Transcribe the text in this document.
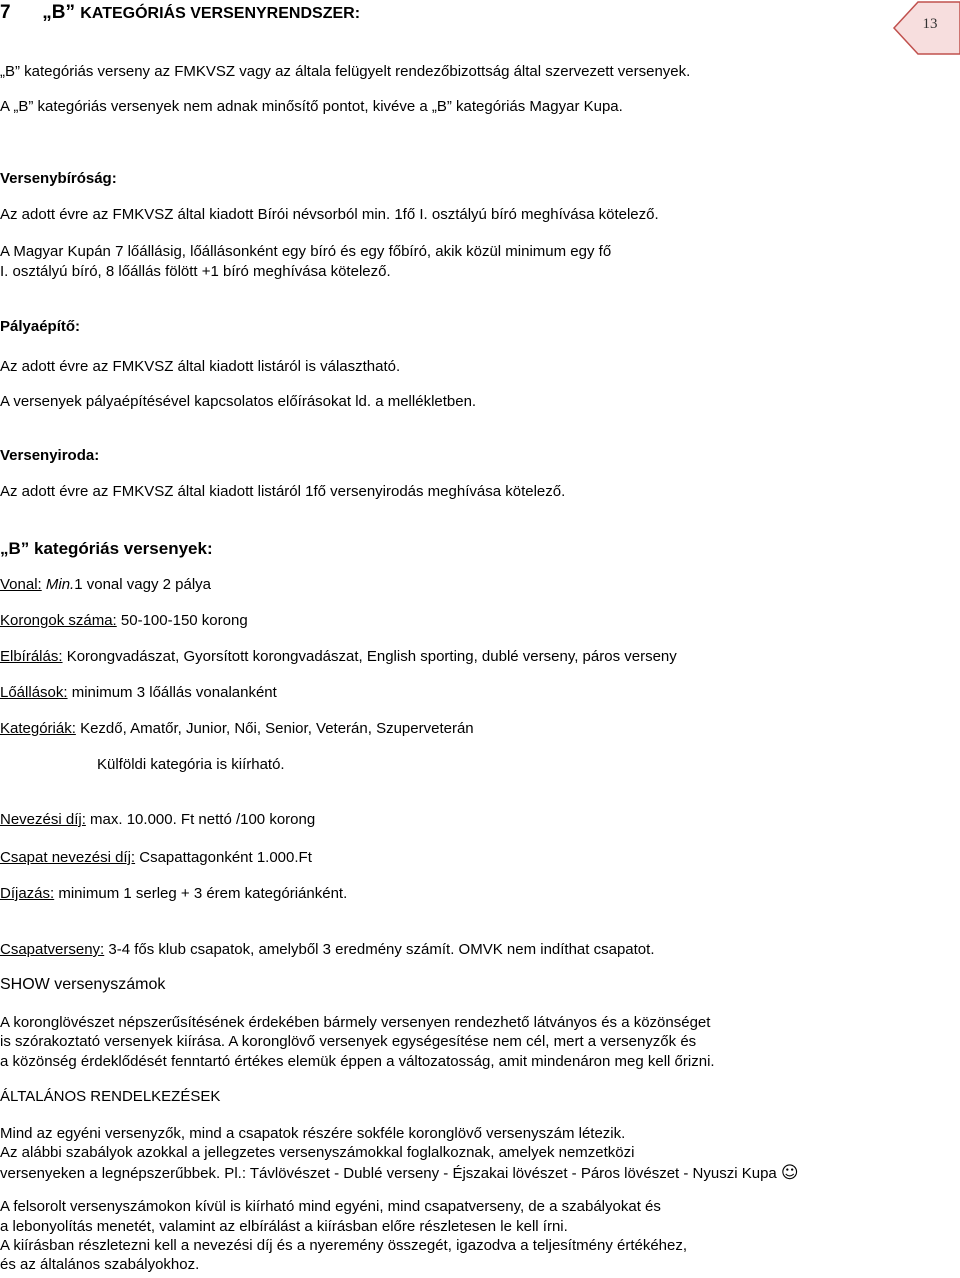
7 „B” KATEGÓRIÁS VERSENYRENDSZER:
13
„B” kategóriás verseny az FMKVSZ vagy az általa felügyelt rendezőbizottság által szervezett versenyek.
A „B” kategóriás versenyek nem adnak minősítő pontot, kivéve a „B” kategóriás Magyar Kupa.
Versenybíróság:
Az adott évre az FMKVSZ által kiadott Bírói névsorból min. 1fő I. osztályú bíró meghívása kötelező.
A Magyar Kupán 7 lőállásig, lőállásonként egy bíró és egy főbíró, akik közül minimum egy fő
I. osztályú bíró, 8 lőállás fölött +1 bíró meghívása kötelező.
Pályaépítő:
Az adott évre az FMKVSZ által kiadott listáról is választható.
A versenyek pályaépítésével kapcsolatos előírásokat ld. a mellékletben.
Versenyiroda:
Az adott évre az FMKVSZ által kiadott listáról 1fő versenyirodás meghívása kötelező.
„B” kategóriás versenyek:
Vonal: Min.1 vonal vagy 2 pálya
Korongok száma: 50-100-150 korong
Elbírálás: Korongvadászat, Gyorsított korongvadászat, English sporting, dublé verseny, páros verseny
Lőállások: minimum 3 lőállás vonalanként
Kategóriák: Kezdő, Amatőr, Junior, Női, Senior, Veterán, Szuperveterán
Külföldi kategória is kiírható.
Nevezési díj: max. 10.000. Ft nettó /100 korong
Csapat nevezési díj: Csapattagonként 1.000.Ft
Díjazás: minimum 1 serleg + 3 érem kategóriánként.
Csapatverseny: 3-4 fős klub csapatok, amelyből 3 eredmény számít. OMVK nem indíthat csapatot.
SHOW versenyszámok
A koronglövészet népszerűsítésének érdekében bármely versenyen rendezhető látványos és a közönséget
is szórakoztató versenyek kiírása. A koronglövő versenyek egységesítése nem cél, mert a versenyzők és
a közönség érdeklődését fenntartó értékes elemük éppen a változatosság, amit mindenáron meg kell őrizni.
ÁLTALÁNOS RENDELKEZÉSEK
Mind az egyéni versenyzők, mind a csapatok részére sokféle koronglövő versenyszám létezik.
Az alábbi szabályok azokkal a jellegzetes versenyszámokkal foglalkoznak, amelyek nemzetközi
versenyeken a legnépszerűbbek. Pl.: Távlövészet - Dublé verseny - Éjszakai lövészet - Páros lövészet - Nyuszi Kupa ☺
A felsorolt versenyszámokon kívül is kiírható mind egyéni, mind csapatverseny, de a szabályokat és
a lebonyolítás menetét, valamint az elbírálást a kiírásban előre részletesen le kell írni.
A kiírásban részletezni kell a nevezési díj és a nyeremény összegét, igazodva a teljesítmény értékéhez,
és az általános szabályokhoz.
